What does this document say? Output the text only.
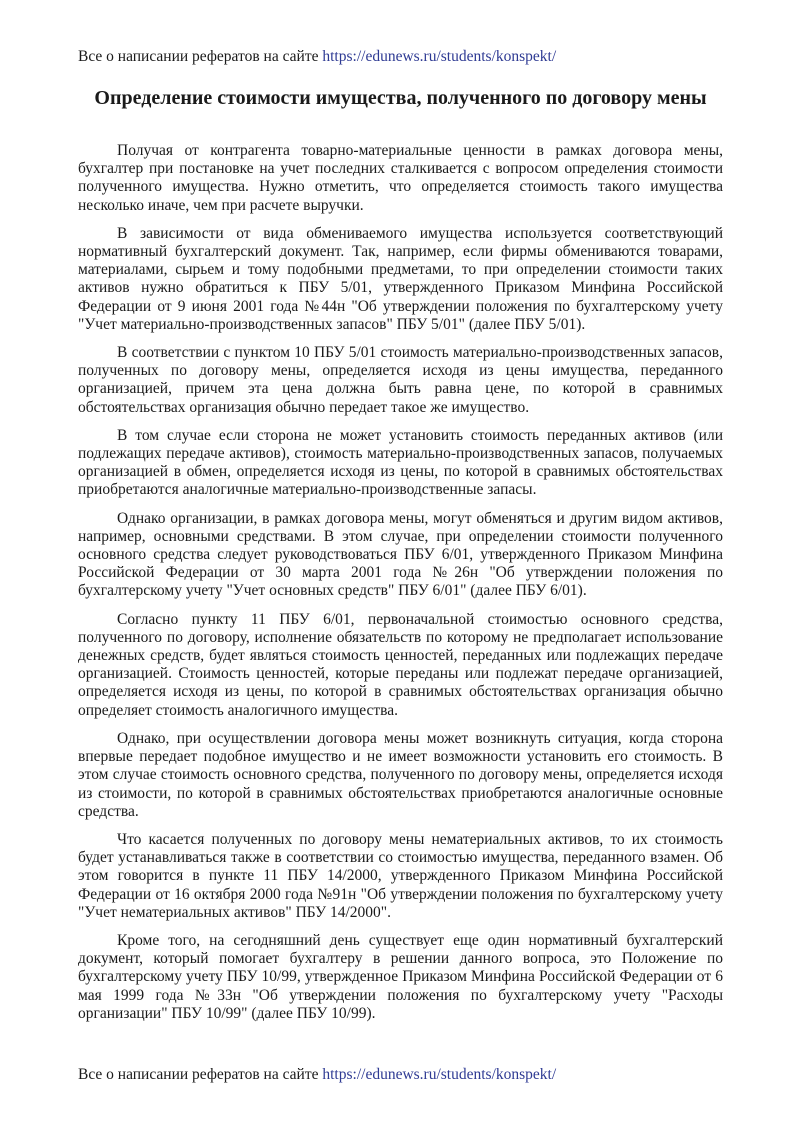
Все о написании рефератов на сайте https://edunews.ru/students/konspekt/
Определение стоимости имущества, полученного по договору мены

Получая от контрагента товарно-материальные ценности в рамках договора мены, бухгалтер при постановке на учет последних сталкивается с вопросом определения стоимости полученного имущества. Нужно отметить, что определяется стоимость такого имущества несколько иначе, чем при расчете выручки.

В зависимости от вида обмениваемого имущества используется соответствующий нормативный бухгалтерский документ. Так, например, если фирмы обмениваются товарами, материалами, сырьем и тому подобными предметами, то при определении стоимости таких активов нужно обратиться к ПБУ 5/01, утвержденного Приказом Минфина Российской Федерации от 9 июня 2001 года №44н "Об утверждении положения по бухгалтерскому учету "Учет материально-производственных запасов" ПБУ 5/01" (далее ПБУ 5/01).

В соответствии с пунктом 10 ПБУ 5/01 стоимость материально-производственных запасов, полученных по договору мены, определяется исходя из цены имущества, переданного организацией, причем эта цена должна быть равна цене, по которой в сравнимых обстоятельствах организация обычно передает такое же имущество.

В том случае если сторона не может установить стоимость переданных активов (или подлежащих передаче активов), стоимость материально-производственных запасов, получаемых организацией в обмен, определяется исходя из цены, по которой в сравнимых обстоятельствах приобретаются аналогичные материально-производственные запасы.

Однако организации, в рамках договора мены, могут обменяться и другим видом активов, например, основными средствами. В этом случае, при определении стоимости полученного основного средства следует руководствоваться ПБУ 6/01, утвержденного Приказом Минфина Российской Федерации от 30 марта 2001 года №26н "Об утверждении положения по бухгалтерскому учету "Учет основных средств" ПБУ 6/01" (далее ПБУ 6/01).

Согласно пункту 11 ПБУ 6/01, первоначальной стоимостью основного средства, полученного по договору, исполнение обязательств по которому не предполагает использование денежных средств, будет являться стоимость ценностей, переданных или подлежащих передаче организацией. Стоимость ценностей, которые переданы или подлежат передаче организацией, определяется исходя из цены, по которой в сравнимых обстоятельствах организация обычно определяет стоимость аналогичного имущества.

Однако, при осуществлении договора мены может возникнуть ситуация, когда сторона впервые передает подобное имущество и не имеет возможности установить его стоимость. В этом случае стоимость основного средства, полученного по договору мены, определяется исходя из стоимости, по которой в сравнимых обстоятельствах приобретаются аналогичные основные средства.

Что касается полученных по договору мены нематериальных активов, то их стоимость будет устанавливаться также в соответствии со стоимостью имущества, переданного взамен. Об этом говорится в пункте 11 ПБУ 14/2000, утвержденного Приказом Минфина Российской Федерации от 16 октября 2000 года №91н "Об утверждении положения по бухгалтерскому учету "Учет нематериальных активов" ПБУ 14/2000".

Кроме того, на сегодняшний день существует еще один нормативный бухгалтерский документ, который помогает бухгалтеру в решении данного вопроса, это Положение по бухгалтерскому учету ПБУ 10/99, утвержденное Приказом Минфина Российской Федерации от 6 мая 1999 года №33н "Об утверждении положения по бухгалтерскому учету "Расходы организации" ПБУ 10/99" (далее ПБУ 10/99).

Все о написании рефератов на сайте https://edunews.ru/students/konspekt/
